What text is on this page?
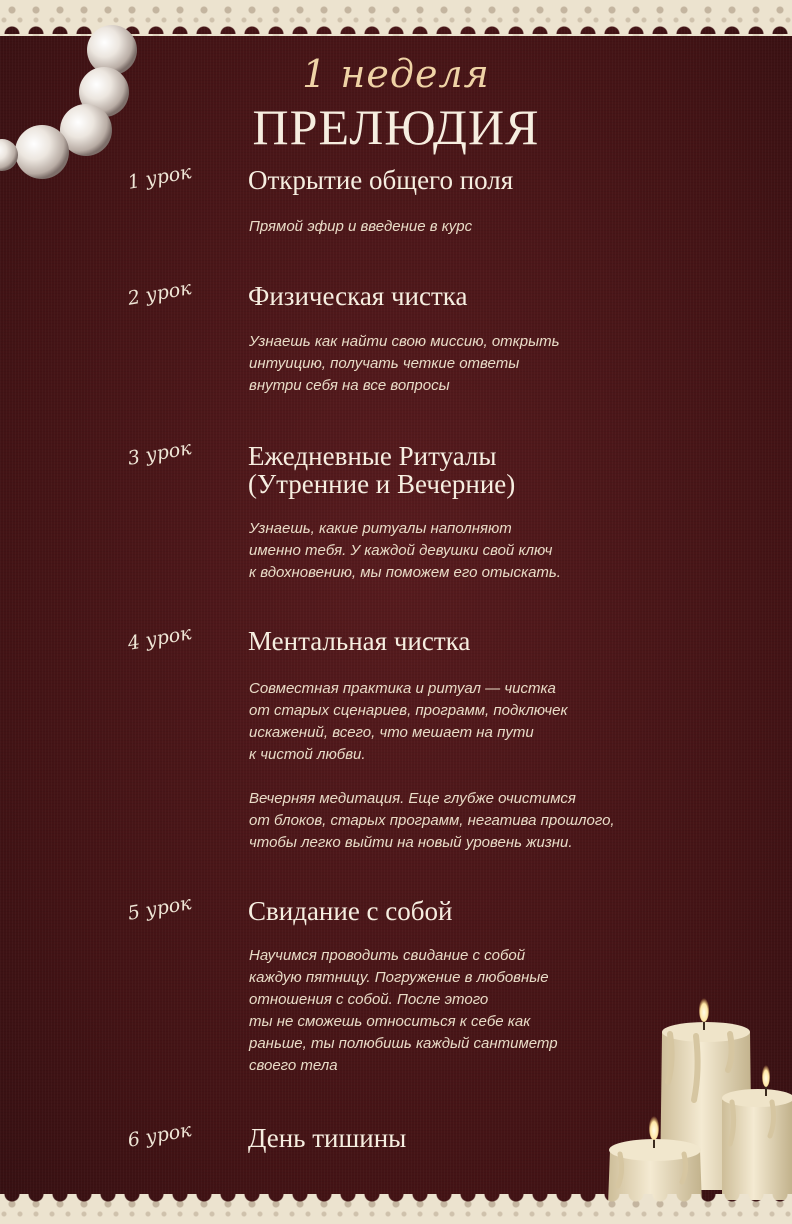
1 неделя
ПРЕЛЮДИЯ
1 урок	Открытие общего поля

Прямой эфир и введение в курс

2 урок	Физическая чистка

Узнаешь как найти свою миссию, открыть
интуицию, получать четкие ответы
внутри себя на все вопросы

3 урок	Ежедневные Ритуалы
(Утренние и Вечерние)

Узнаешь, какие ритуалы наполняют
именно тебя. У каждой девушки свой ключ
к вдохновению, мы поможем его отыскать.

4 урок	Ментальная чистка

Совместная практика и ритуал — чистка
от старых сценариев, программ, подключек
искажений, всего, что мешает на пути
к чистой любви.

Вечерняя медитация. Еще глубже очистимся
от блоков, старых программ, негатива прошлого,
чтобы легко выйти на новый уровень жизни.

5 урок	Свидание с собой

Научимся проводить свидание с собой
каждую пятницу. Погружение в любовные
отношения с собой. После этого
ты не сможешь относиться к себе как
раньше, ты полюбишь каждый сантиметр
своего тела

6 урок	День тишины
